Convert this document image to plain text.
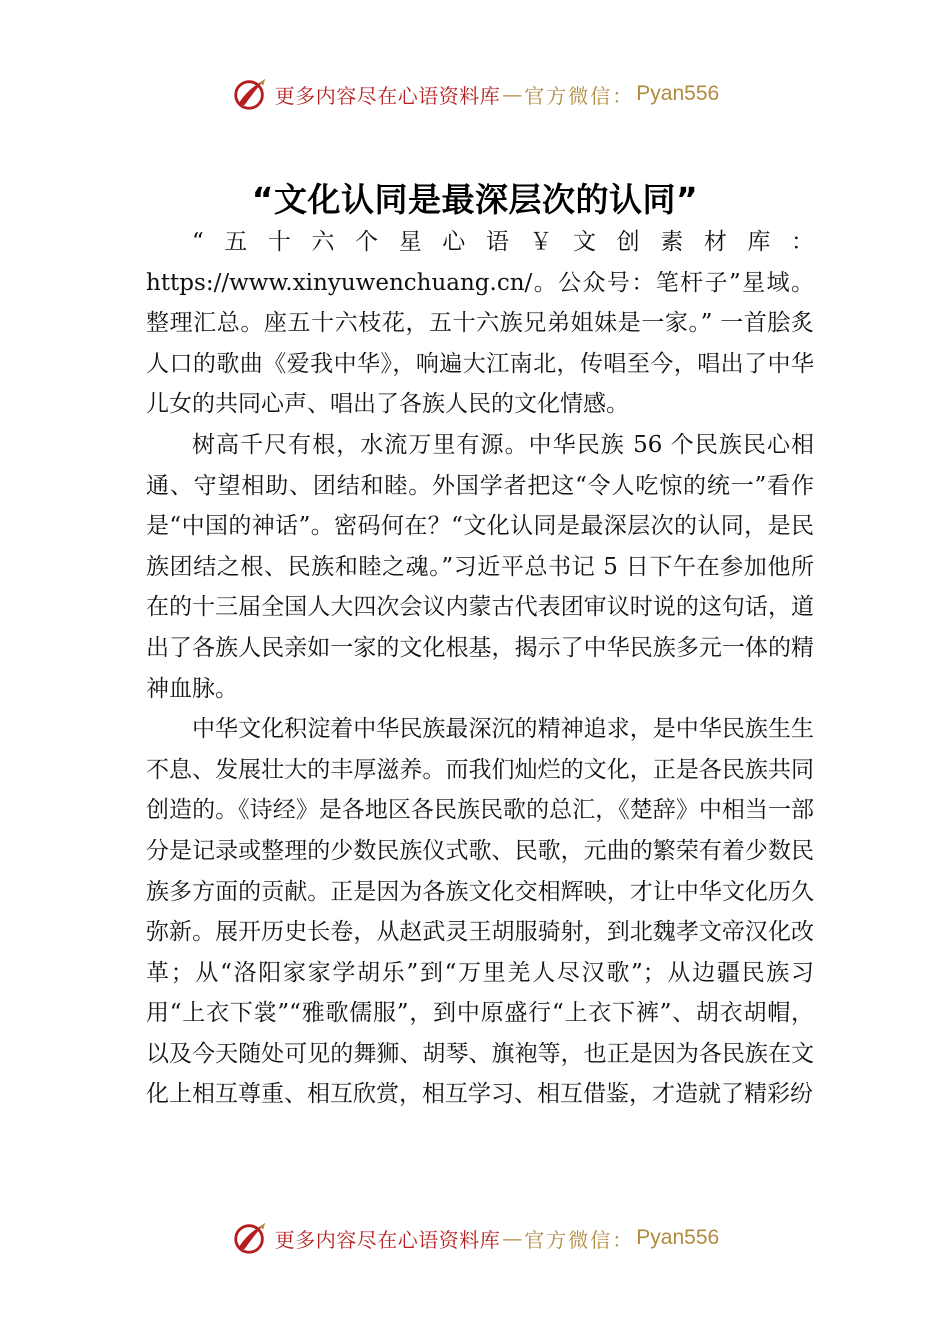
更多内容尽在心语资料库 — 官方微信： Pyan556
“文化认同是最深层次的认同”

“五十六个星心语￥文创素材库：https://www.xinyuwenchuang.cn/。公众号：笔杆子”星域。整理汇总。座五十六枝花，五十六族兄弟姐妹是一家。” 一首脍炙人口的歌曲《爱我中华》，响遍大江南北，传唱至今，唱出了中华儿女的共同心声、唱出了各族人民的文化情感。

树高千尺有根，水流万里有源。中华民族 56 个民族民心相通、守望相助、团结和睦。外国学者把这“令人吃惊的统一”看作是“中国的神话”。密码何在？“文化认同是最深层次的认同，是民族团结之根、民族和睦之魂。”习近平总书记 5 日下午在参加他所在的十三届全国人大四次会议内蒙古代表团审议时说的这句话，道出了各族人民亲如一家的文化根基，揭示了中华民族多元一体的精神血脉。

中华文化积淀着中华民族最深沉的精神追求，是中华民族生生不息、发展壮大的丰厚滋养。而我们灿烂的文化，正是各民族共同创造的。《诗经》是各地区各民族民歌的总汇，《楚辞》中相当一部分是记录或整理的少数民族仪式歌、民歌，元曲的繁荣有着少数民族多方面的贡献。正是因为各族文化交相辉映，才让中华文化历久弥新。展开历史长卷，从赵武灵王胡服骑射，到北魏孝文帝汉化改革；从“洛阳家家学胡乐”到“万里羌人尽汉歌”；从边疆民族习用“上衣下裳”“雅歌儒服”，到中原盛行“上衣下裤”、胡衣胡帽，以及今天随处可见的舞狮、胡琴、旗袍等，也正是因为各民族在文化上相互尊重、相互欣赏，相互学习、相互借鉴，才造就了精彩纷

更多内容尽在心语资料库 — 官方微信： Pyan556
